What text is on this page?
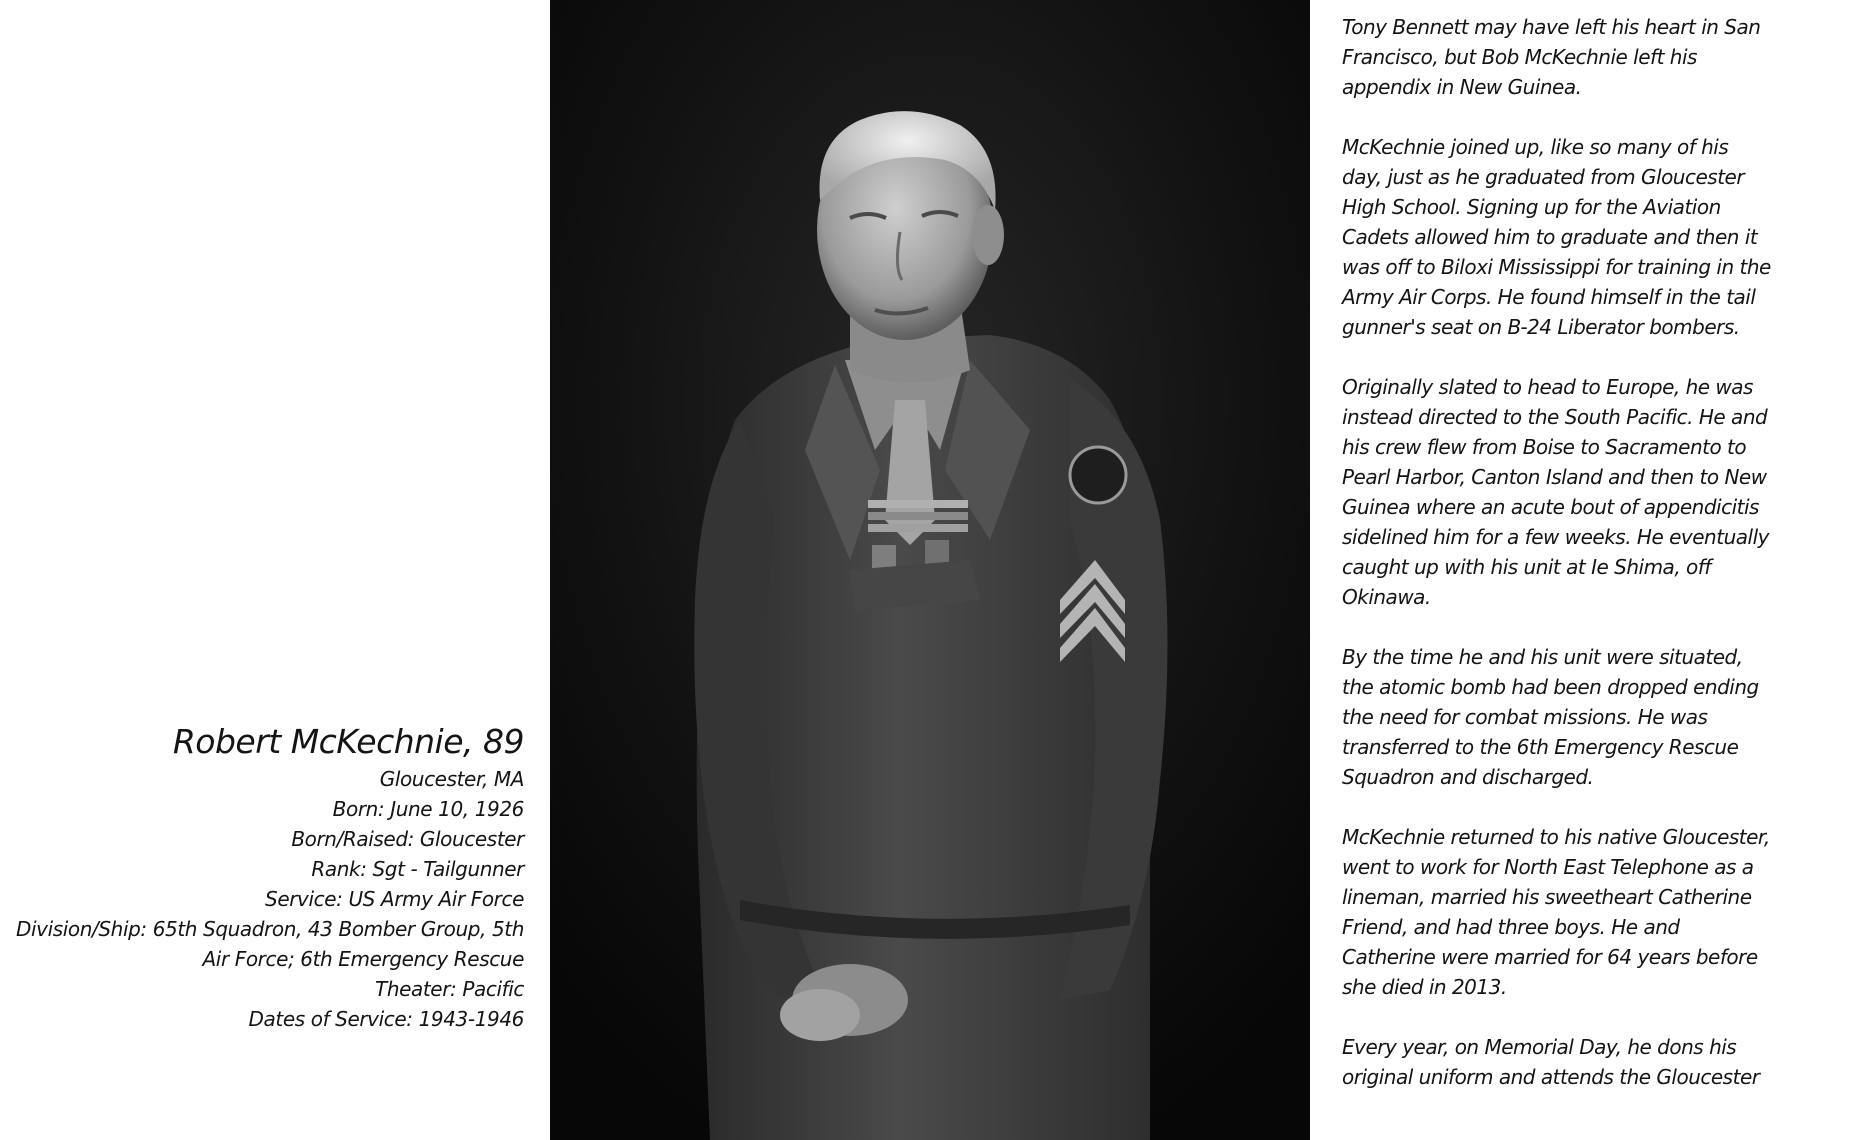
Robert McKechnie, 89
Gloucester, MA
Born: June 10, 1926
Born/Raised: Gloucester
Rank: Sgt - Tailgunner
Service: US Army Air Force
Division/Ship: 65th Squadron, 43 Bomber Group, 5th Air Force; 6th Emergency Rescue
Theater: Pacific
Dates of Service: 1943-1946

Tony Bennett may have left his heart in San Francisco, but Bob McKechnie left his appendix in New Guinea.

McKechnie joined up, like so many of his day, just as he graduated from Gloucester High School. Signing up for the Aviation Cadets allowed him to graduate and then it was off to Biloxi Mississippi for training in the Army Air Corps. He found himself in the tail gunner's seat on B-24 Liberator bombers.

Originally slated to head to Europe, he was instead directed to the South Pacific. He and his crew flew from Boise to Sacramento to Pearl Harbor, Canton Island and then to New Guinea where an acute bout of appendicitis sidelined him for a few weeks. He eventually caught up with his unit at Ie Shima, off Okinawa.

By the time he and his unit were situated, the atomic bomb had been dropped ending the need for combat missions. He was transferred to the 6th Emergency Rescue Squadron and discharged.

McKechnie returned to his native Gloucester, went to work for North East Telephone as a lineman, married his sweetheart Catherine Friend, and had three boys. He and Catherine were married for 64 years before she died in 2013.

Every year, on Memorial Day, he dons his original uniform and attends the Gloucester
